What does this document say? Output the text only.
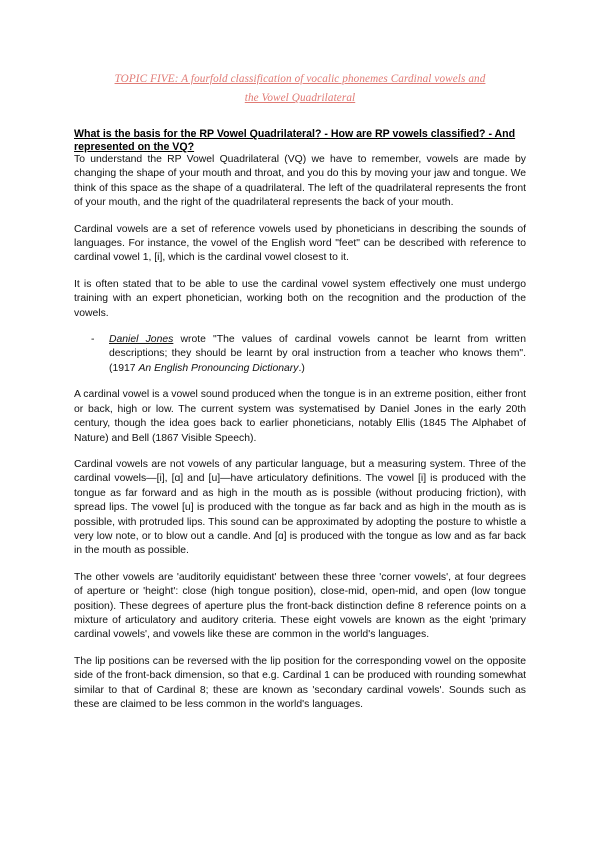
TOPIC FIVE: A fourfold classification of vocalic phonemes Cardinal vowels and
the Vowel Quadrilateral
What is the basis for the RP Vowel Quadrilateral? - How are RP vowels classified? - And represented on the VQ?

To understand the RP Vowel Quadrilateral (VQ) we have to remember, vowels are made by changing the shape of your mouth and throat, and you do this by moving your jaw and tongue. We think of this space as the shape of a quadrilateral. The left of the quadrilateral represents the front of your mouth, and the right of the quadrilateral represents the back of your mouth.

Cardinal vowels are a set of reference vowels used by phoneticians in describing the sounds of languages. For instance, the vowel of the English word "feet" can be described with reference to cardinal vowel 1, [i], which is the cardinal vowel closest to it.

It is often stated that to be able to use the cardinal vowel system effectively one must undergo training with an expert phonetician, working both on the recognition and the production of the vowels.

- Daniel Jones wrote "The values of cardinal vowels cannot be learnt from written descriptions; they should be learnt by oral instruction from a teacher who knows them". (1917 An English Pronouncing Dictionary.)

A cardinal vowel is a vowel sound produced when the tongue is in an extreme position, either front or back, high or low. The current system was systematised by Daniel Jones in the early 20th century, though the idea goes back to earlier phoneticians, notably Ellis (1845 The Alphabet of Nature) and Bell (1867 Visible Speech).

Cardinal vowels are not vowels of any particular language, but a measuring system. Three of the cardinal vowels—[i], [ɑ] and [u]—have articulatory definitions. The vowel [i] is produced with the tongue as far forward and as high in the mouth as is possible (without producing friction), with spread lips. The vowel [u] is produced with the tongue as far back and as high in the mouth as is possible, with protruded lips. This sound can be approximated by adopting the posture to whistle a very low note, or to blow out a candle. And [ɑ] is produced with the tongue as low and as far back in the mouth as possible.

The other vowels are 'auditorily equidistant' between these three 'corner vowels', at four degrees of aperture or 'height': close (high tongue position), close-mid, open-mid, and open (low tongue position). These degrees of aperture plus the front-back distinction define 8 reference points on a mixture of articulatory and auditory criteria. These eight vowels are known as the eight 'primary cardinal vowels', and vowels like these are common in the world's languages.

The lip positions can be reversed with the lip position for the corresponding vowel on the opposite side of the front-back dimension, so that e.g. Cardinal 1 can be produced with rounding somewhat similar to that of Cardinal 8; these are known as 'secondary cardinal vowels'. Sounds such as these are claimed to be less common in the world's languages.
